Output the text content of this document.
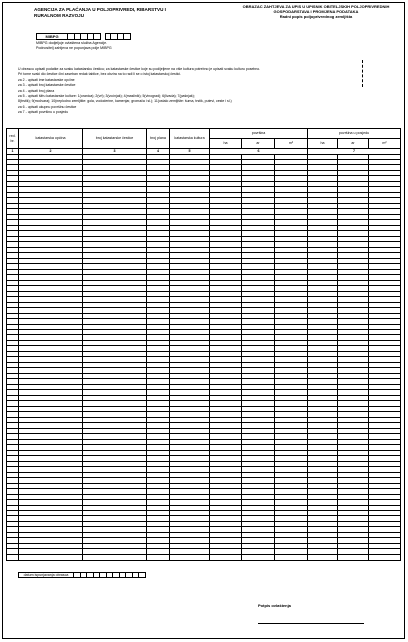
AGENCIJA ZA PLAĆANJA U POLJOPRIVREDI, RIBARSTVU I RURALNOM RAZVOJU
OBRAZAC ZAHTJEVA ZA UPIS U UPISNIK OBITELJSKIH POLJOPRIVREDNIH GOSPODARSTAVA I PROMJENA PODATAKA
Radni popis poljoprivrednog zemljišta
MIBPG
MIBPG dodjeljuje ovlaštena služba Agencije.
Podnositelj zahtjeva ne popunjava polje MIBPG
U obrascu upisati podatke za svaku katastarsku česticu; za katastarske čestice koje su podijeljene na više kultura potrebno je upisati svaku kulturu posebno.
Pri tome svaki dio čestice čini zaseban redak tablice, bez obzira na to radi li se o istoj katastarskoj čestici.
za 2 - upisati ime katastarske općine
za 3 - upisati broj katastarske čestice
za 4 - upisati broj plana
za 5 - upisati šifru katastarske kulture: 1(oranica); 2(vrt); 3(voćnjak); 4(maslinik); 5(vinograd); 6(livada); 7(pašnjak);
8(trstik); 9(močvara); 10(neplodno zemljište: gola, vododerine, kamenjar, gromača i sl.); 11(ostalo zemljište: šuma, trstik, putevi, ceste i sl.)
za 6 - upisati ukupnu površinu čestice
za 7 - upisati površinu u posjedu
red. br.	katastarska općina	broj katastarske čestice	broj plana	katastarska kultura	površina			površina u posjedu		
					ha	ar	m²	ha	ar	m²
1	2	3	4	5	6			7		

datum ispunjavanja obrasca
Potpis ovlaštenja
